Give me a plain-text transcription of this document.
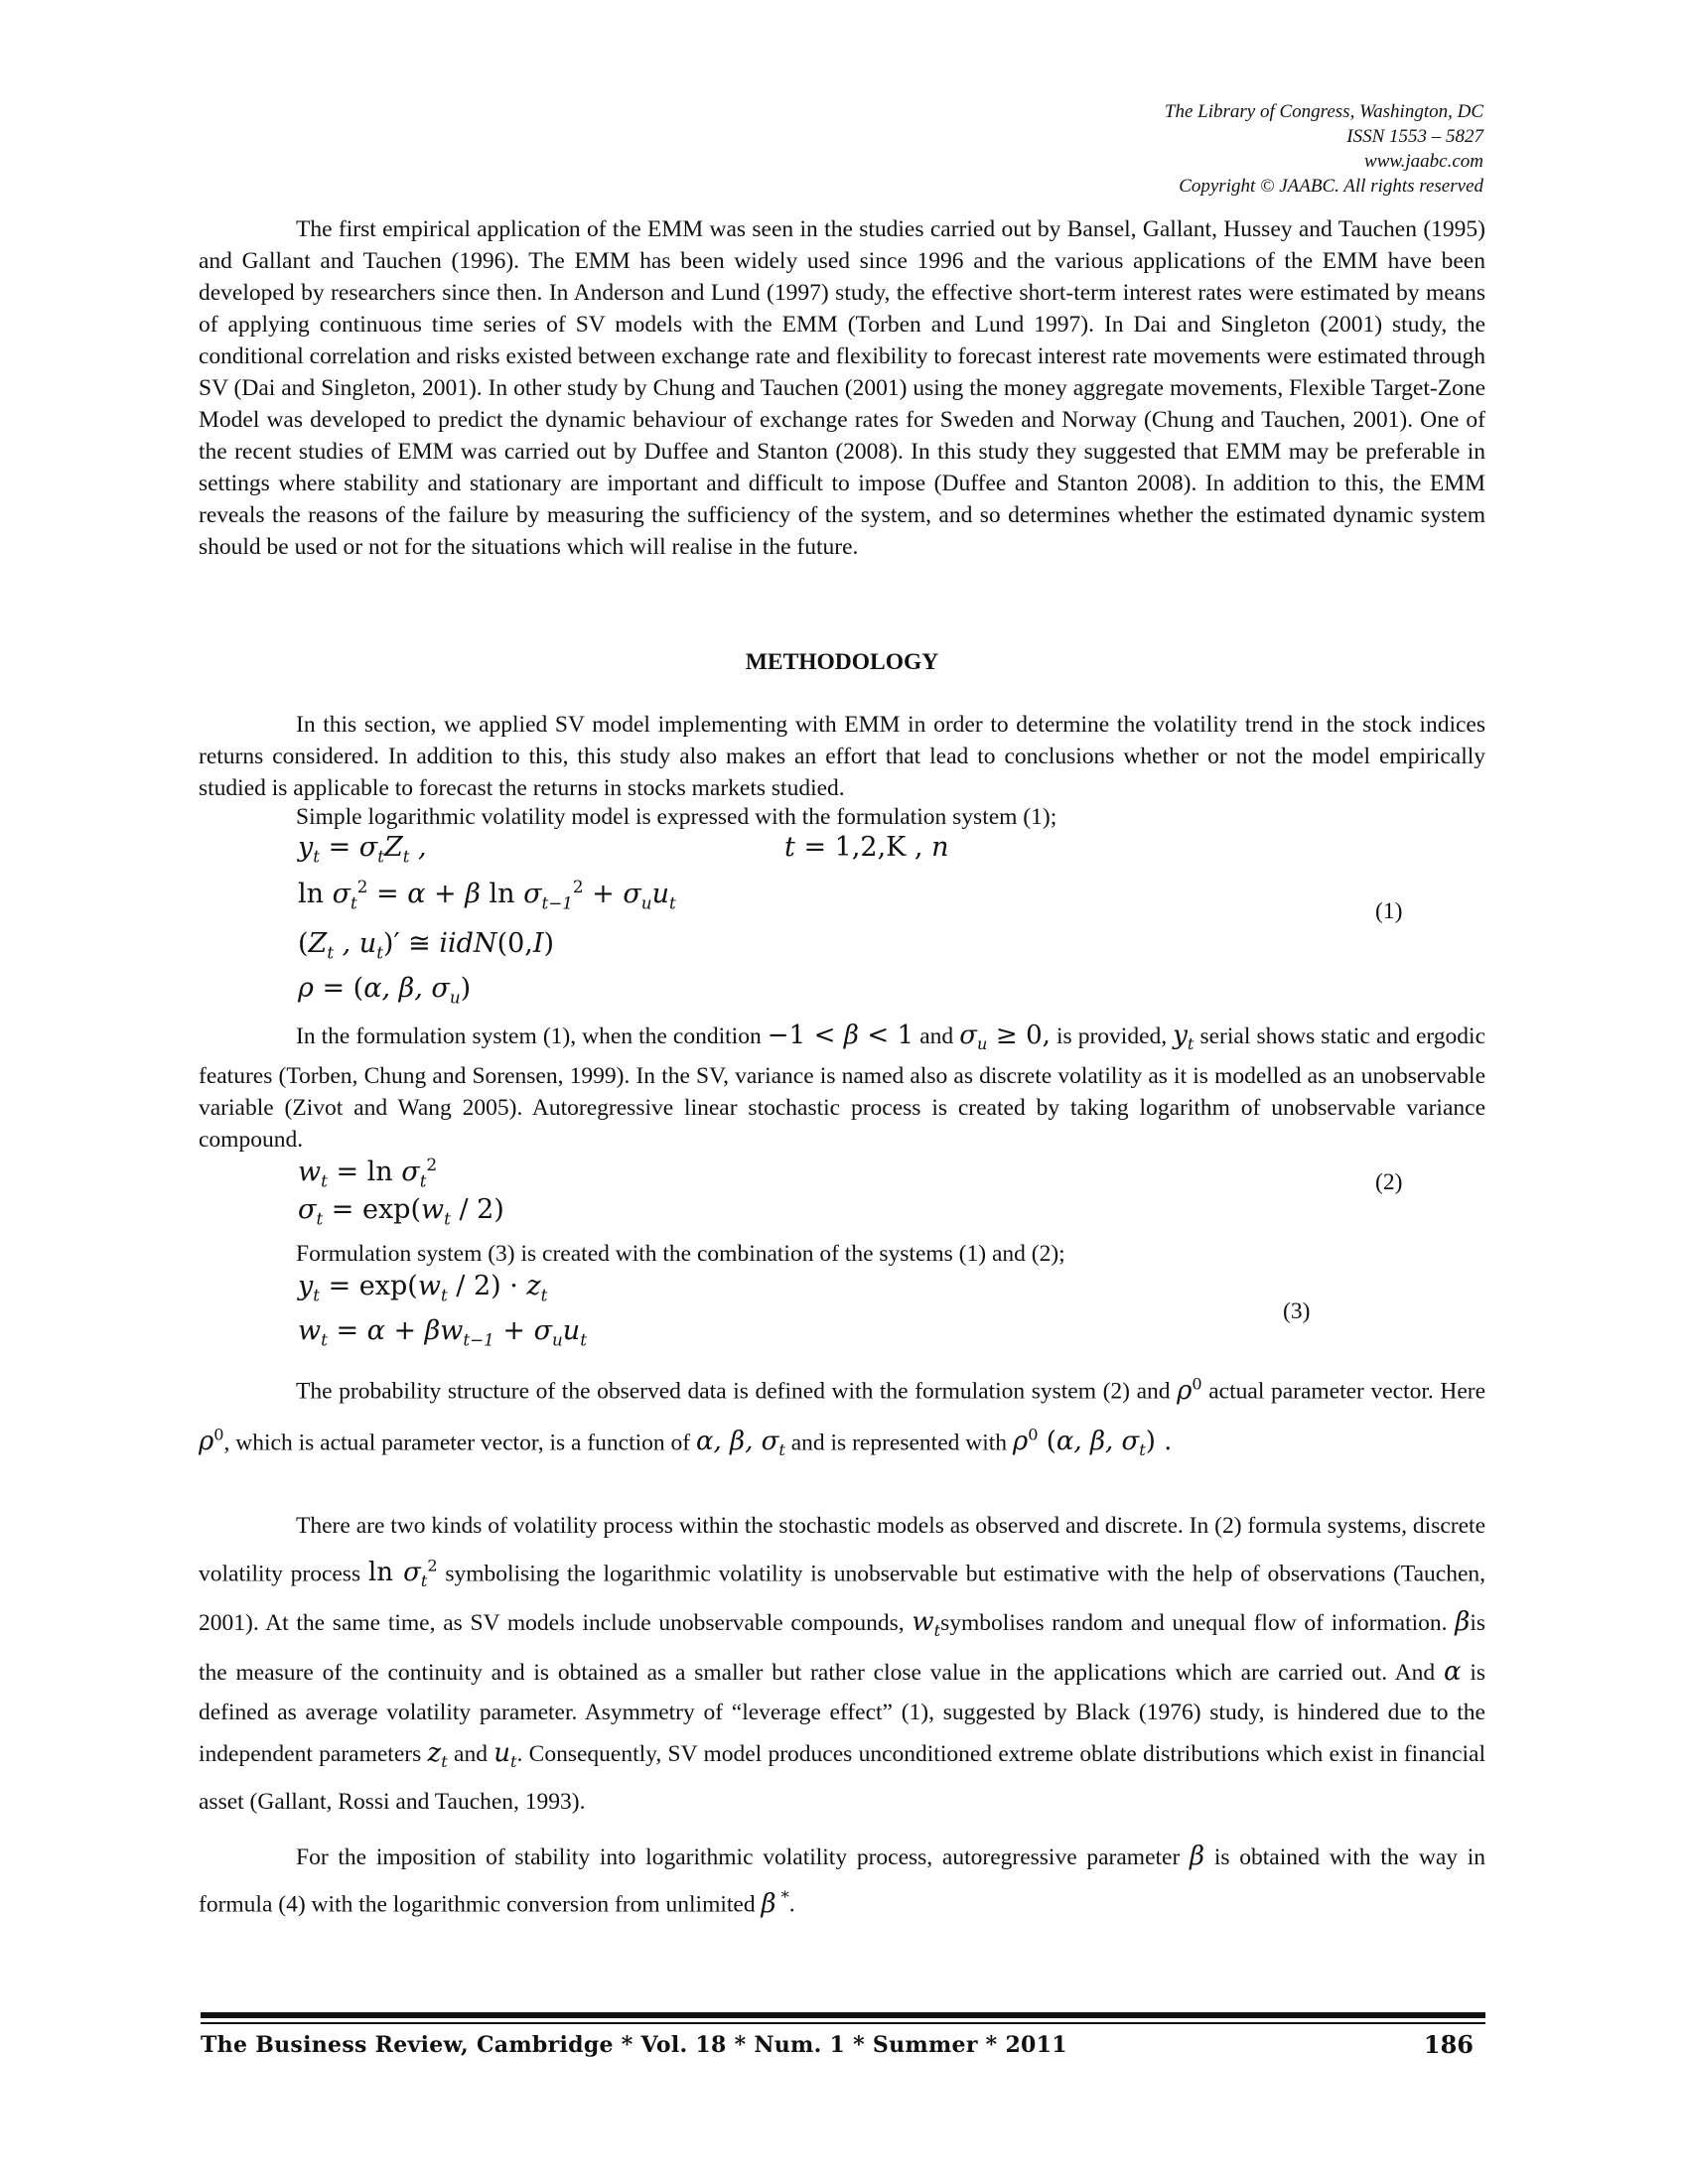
The Library of Congress, Washington, DC
ISSN 1553 – 5827
www.jaabc.com
Copyright © JAABC. All rights reserved

The first empirical application of the EMM was seen in the studies carried out by Bansel, Gallant, Hussey and Tauchen (1995) and Gallant and Tauchen (1996). The EMM has been widely used since 1996 and the various applications of the EMM have been developed by researchers since then. In Anderson and Lund (1997) study, the effective short-term interest rates were estimated by means of applying continuous time series of SV models with the EMM (Torben and Lund 1997). In Dai and Singleton (2001) study, the conditional correlation and risks existed between exchange rate and flexibility to forecast interest rate movements were estimated through SV (Dai and Singleton, 2001). In other study by Chung and Tauchen (2001) using the money aggregate movements, Flexible Target-Zone Model was developed to predict the dynamic behaviour of exchange rates for Sweden and Norway (Chung and Tauchen, 2001). One of the recent studies of EMM was carried out by Duffee and Stanton (2008). In this study they suggested that EMM may be preferable in settings where stability and stationary are important and difficult to impose (Duffee and Stanton 2008). In addition to this, the EMM reveals the reasons of the failure by measuring the sufficiency of the system, and so determines whether the estimated dynamic system should be used or not for the situations which will realise in the future.

METHODOLOGY

In this section, we applied SV model implementing with EMM in order to determine the volatility trend in the stock indices returns considered. In addition to this, this study also makes an effort that lead to conclusions whether or not the model empirically studied is applicable to forecast the returns in stocks markets studied.

Simple logarithmic volatility model is expressed with the formulation system (1);
$y_t = \sigma_tZ_t$ ,	t = 1,2,K , n
$\ln \sigma_t^2 = \alpha + \beta$ $\ln \sigma_{t-1}^2 + \sigma_uu_t$	(1)
($Z_t$ , $u_t)'$ ≅ iidN(0,I)
ρ = (α, β, $\sigma_u$)

In the formulation system (1), when the condition −1 < β < 1 and $\sigma_u \ge 0$, is provided, $y_t$ serial shows static and ergodic features (Torben, Chung and Sorensen, 1999). In the SV, variance is named also as discrete volatility as it is modelled as an unobservable variable (Zivot and Wang 2005). Autoregressive linear stochastic process is created by taking logarithm of unobservable variance compound.

$w_t = \ln \sigma_t^2$
(2)
$\sigma_t = \exp(w_t / 2)$
Formulation system (3) is created with the combination of the systems (1) and (2);
$y_t = \exp(w_t / 2) \cdot z_t$
(3)
$w_t = \alpha + \beta w_{t-1} + \sigma_uu_t$

The probability structure of the observed data is defined with the formulation system (2) and $\rho^0$ actual parameter vector. Here $\rho^0$, which is actual parameter vector, is a function of α, β, $\sigma_t$ and is represented with $\rho^0$ (α, β, $\sigma_t$) .

There are two kinds of volatility process within the stochastic models as observed and discrete. In (2) formula systems, discrete volatility process $\ln \sigma_t^2$ symbolising the logarithmic volatility is unobservable but estimative with the help of observations (Tauchen, 2001). At the same time, as SV models include unobservable compounds, $w_tsymbolises$ random and unequal flow of information. βis the measure of the continuity and is obtained as a smaller but rather close value in the applications which are carried out. And α is defined as average volatility parameter. Asymmetry of “leverage effect” (1), suggested by Black (1976) study, is hindered due to the independent parameters $z_t$ and $u_t$. Consequently, SV model produces unconditioned extreme oblate distributions which exist in financial asset (Gallant, Rossi and Tauchen, 1993).

For the imposition of stability into logarithmic volatility process, autoregressive parameter β is obtained with the way in formula (4) with the logarithmic conversion from unlimited β *.

The Business Review, Cambridge * Vol. 18 * Num. 1 * Summer * 2011	186
